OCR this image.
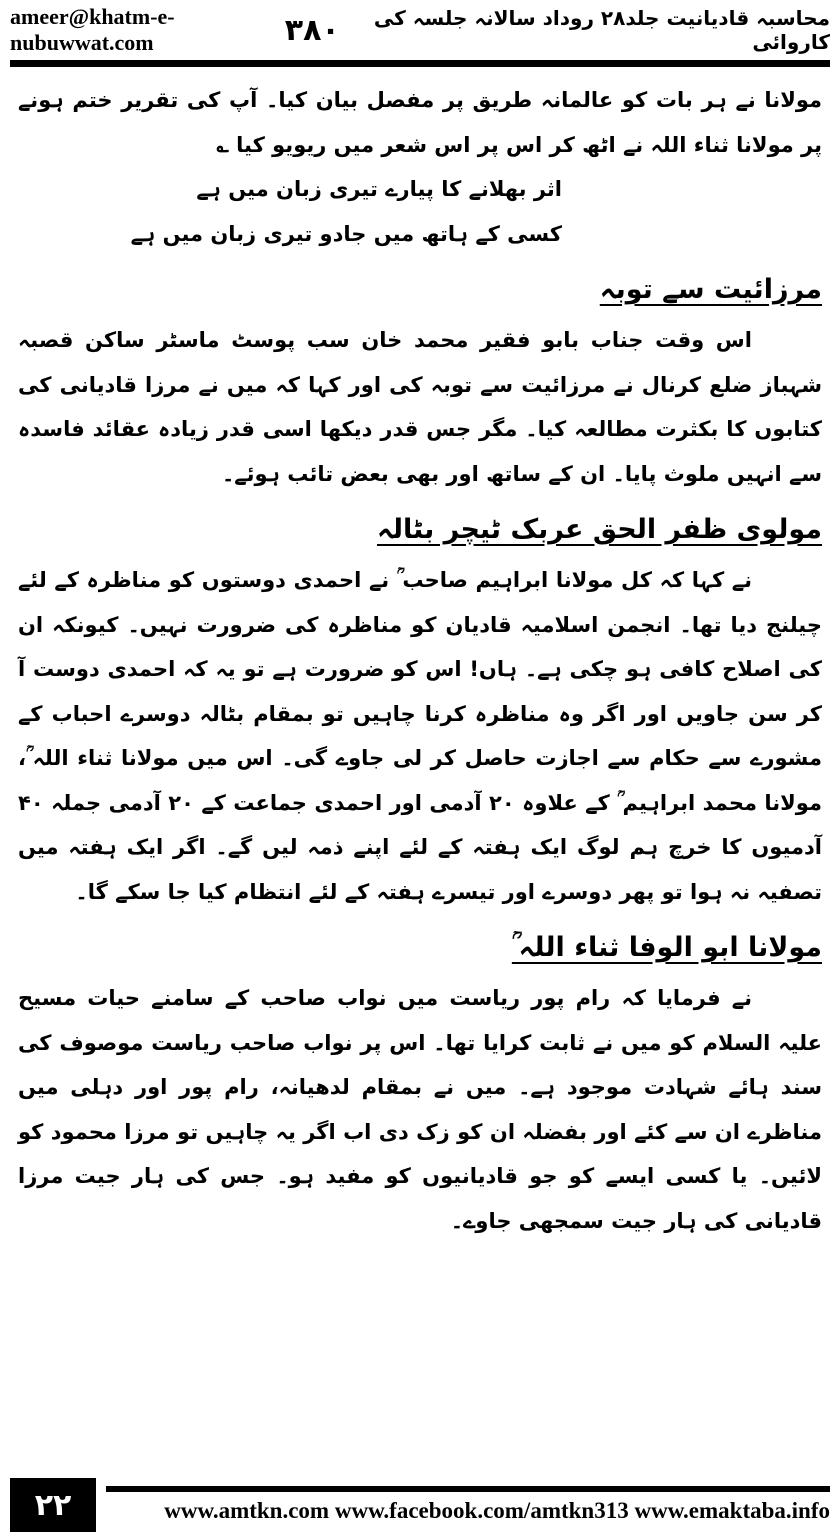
ameer@khatm-e-nubuwwat.com	۳۸۰	محاسبہ قادیانیت جلد۲۸ روداد سالانہ جلسہ کی کاروائی

مولانا نے ہر بات کو عالمانہ طریق پر مفصل بیان کیا۔ آپ کی تقریر ختم ہونے پر مولانا ثناء اللہ نے اٹھ کر اس پر اس شعر میں ریویو کیا ؎

اثر بھلانے کا پیارے تیری زبان میں ہے

کسی کے ہاتھ میں جادو تیری زبان میں ہے

مرزائیت سے توبہ

اس وقت جناب بابو فقیر محمد خان سب پوسٹ ماسٹر ساکن قصبہ شہباز ضلع کرنال نے مرزائیت سے توبہ کی اور کہا کہ میں نے مرزا قادیانی کی کتابوں کا بکثرت مطالعہ کیا۔ مگر جس قدر دیکھا اسی قدر زیادہ عقائد فاسدہ سے انہیں ملوث پایا۔ ان کے ساتھ اور بھی بعض تائب ہوئے۔

مولوی ظفر الحق عربک ٹیچر بٹالہ

نے کہا کہ کل مولانا ابراہیم صاحب ؒ نے احمدی دوستوں کو مناظرہ کے لئے چیلنج دیا تھا۔ انجمن اسلامیہ قادیان کو مناظرہ کی ضرورت نہیں۔ کیونکہ ان کی اصلاح کافی ہو چکی ہے۔ ہاں! اس کو ضرورت ہے تو یہ کہ احمدی دوست آ کر سن جاویں اور اگر وہ مناظرہ کرنا چاہیں تو بمقام بٹالہ دوسرے احباب کے مشورے سے حکام سے اجازت حاصل کر لی جاوے گی۔ اس میں مولانا ثناء اللہ ؒ، مولانا محمد ابراہیم ؒ کے علاوہ ۲۰ آدمی اور احمدی جماعت کے ۲۰ آدمی جملہ ۴۰ آدمیوں کا خرچ ہم لوگ ایک ہفتہ کے لئے اپنے ذمہ لیں گے۔ اگر ایک ہفتہ میں تصفیہ نہ ہوا تو پھر دوسرے اور تیسرے ہفتہ کے لئے انتظام کیا جا سکے گا۔

مولانا ابو الوفا ثناء اللہ ؒ

نے فرمایا کہ رام پور ریاست میں نواب صاحب کے سامنے حیات مسیح علیہ السلام کو میں نے ثابت کرایا تھا۔ اس پر نواب صاحب ریاست موصوف کی سند ہائے شہادت موجود ہے۔ میں نے بمقام لدھیانہ، رام پور اور دہلی میں مناظرے ان سے کئے اور بفضلہ ان کو زک دی اب اگر یہ چاہیں تو مرزا محمود کو لائیں۔ یا کسی ایسے کو جو قادیانیوں کو مفید ہو۔ جس کی ہار جیت مرزا قادیانی کی ہار جیت سمجھی جاوے۔

۲۲	www.amtkn.com www.facebook.com/amtkn313 www.emaktaba.info
